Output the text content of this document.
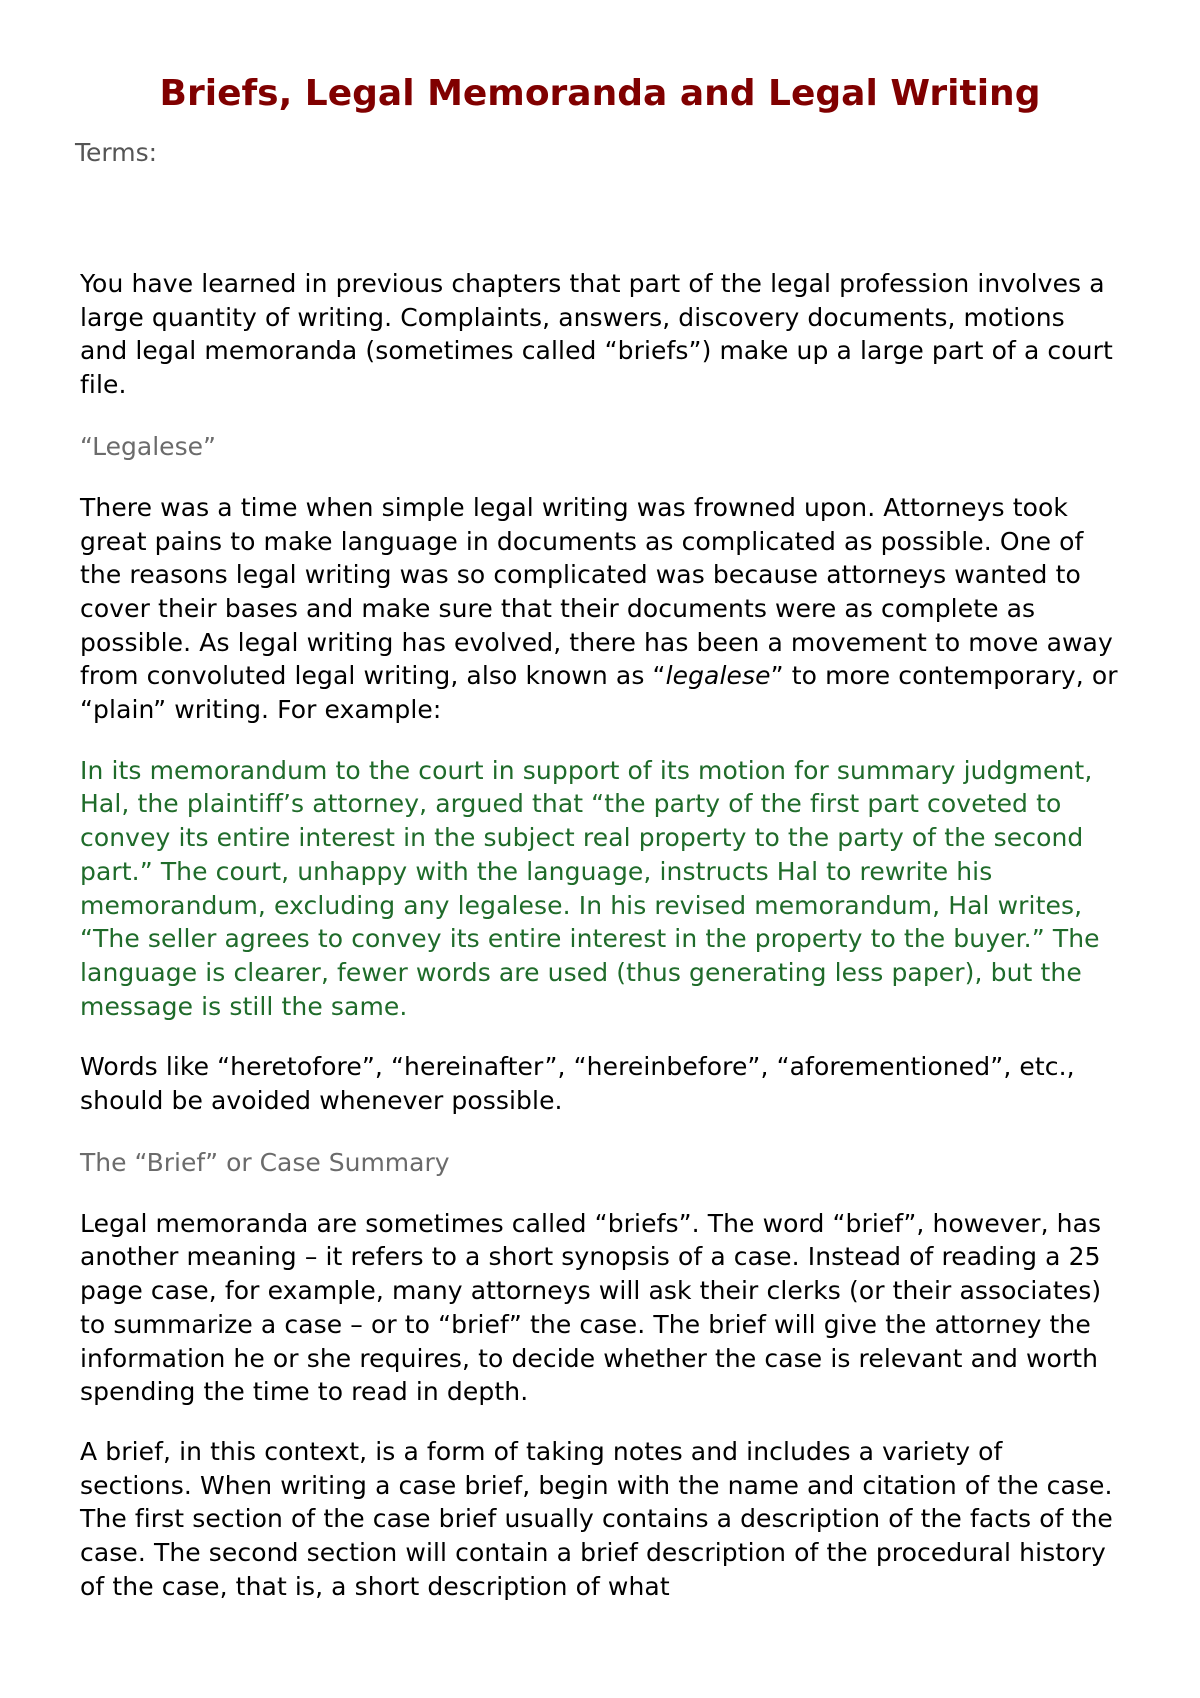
Briefs, Legal Memoranda and Legal Writing
Terms:

You have learned in previous chapters that part of the legal profession involves a large quantity of writing. Complaints, answers, discovery documents, motions and legal memoranda (sometimes called “briefs”) make up a large part of a court file.

“Legalese”

There was a time when simple legal writing was frowned upon. Attorneys took great pains to make language in documents as complicated as possible. One of the reasons legal writing was so complicated was because attorneys wanted to cover their bases and make sure that their documents were as complete as possible. As legal writing has evolved, there has been a movement to move away from convoluted legal writing, also known as “legalese” to more contemporary, or “plain” writing. For example:

In its memorandum to the court in support of its motion for summary judgment, Hal, the plaintiff’s attorney, argued that “the party of the first part coveted to convey its entire interest in the subject real property to the party of the second part.” The court, unhappy with the language, instructs Hal to rewrite his memorandum, excluding any legalese. In his revised memorandum, Hal writes, “The seller agrees to convey its entire interest in the property to the buyer.” The language is clearer, fewer words are used (thus generating less paper), but the message is still the same.

Words like “heretofore”, “hereinafter”, “hereinbefore”, “aforementioned”, etc., should be avoided whenever possible.

The “Brief” or Case Summary

Legal memoranda are sometimes called “briefs”. The word “brief”, however, has another meaning – it refers to a short synopsis of a case. Instead of reading a 25 page case, for example, many attorneys will ask their clerks (or their associates) to summarize a case – or to “brief” the case. The brief will give the attorney the information he or she requires, to decide whether the case is relevant and worth spending the time to read in depth.

A brief, in this context, is a form of taking notes and includes a variety of sections. When writing a case brief, begin with the name and citation of the case. The first section of the case brief usually contains a description of the facts of the case. The second section will contain a brief description of the procedural history of the case, that is, a short description of what
